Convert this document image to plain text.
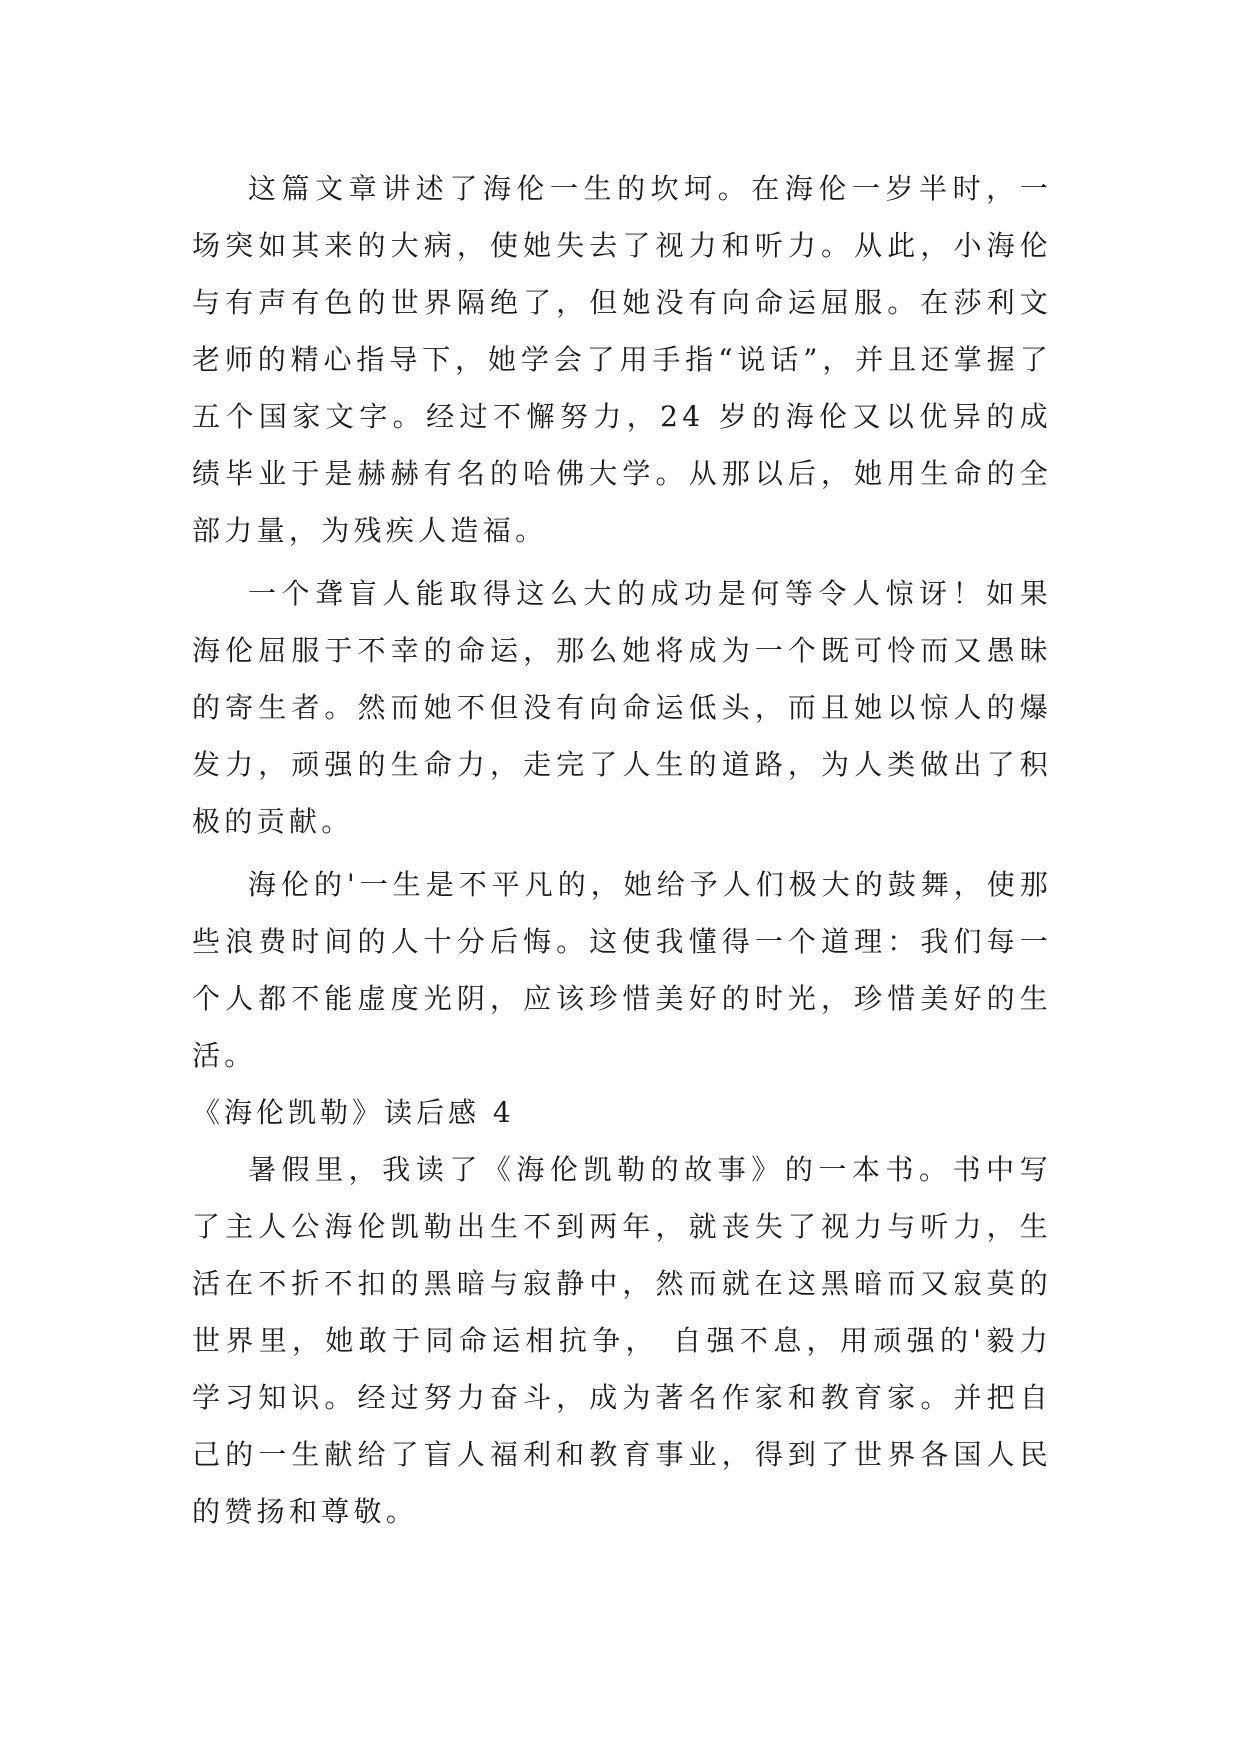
这篇文章讲述了海伦一生的坎坷。在海伦一岁半时，一场突如其来的大病，使她失去了视力和听力。从此，小海伦与有声有色的世界隔绝了，但她没有向命运屈服。在莎利文老师的精心指导下，她学会了用手指“说话”，并且还掌握了五个国家文字。经过不懈努力，24 岁的海伦又以优异的成绩毕业于是赫赫有名的哈佛大学。从那以后，她用生命的全部力量，为残疾人造福。

一个聋盲人能取得这么大的成功是何等令人惊讶！如果海伦屈服于不幸的命运，那么她将成为一个既可怜而又愚昧的寄生者。然而她不但没有向命运低头，而且她以惊人的爆发力，顽强的生命力，走完了人生的道路，为人类做出了积极的贡献。

海伦的'一生是不平凡的，她给予人们极大的鼓舞，使那些浪费时间的人十分后悔。这使我懂得一个道理：我们每一个人都不能虚度光阴，应该珍惜美好的时光，珍惜美好的生活。

《海伦凯勒》读后感 4

暑假里，我读了《海伦凯勒的故事》的一本书。书中写了主人公海伦凯勒出生不到两年，就丧失了视力与听力，生活在不折不扣的黑暗与寂静中，然而就在这黑暗而又寂莫的世界里，她敢于同命运相抗争， 自强不息，用顽强的'毅力学习知识。经过努力奋斗，成为著名作家和教育家。并把自己的一生献给了盲人福利和教育事业，得到了世界各国人民的赞扬和尊敬。
